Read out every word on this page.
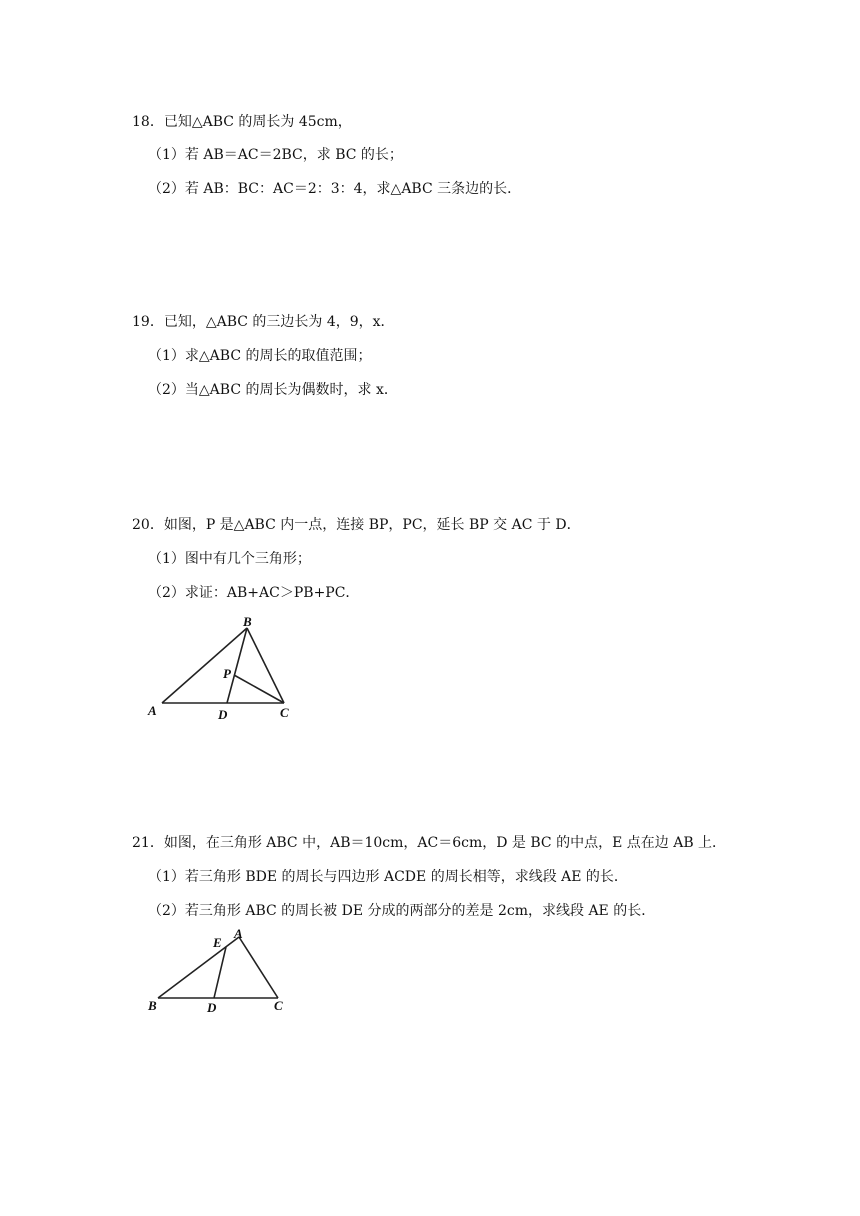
18．已知△ABC 的周长为 45cm，
（1）若 AB＝AC＝2BC，求 BC 的长；
（2）若 AB：BC：AC＝2：3：4，求△ABC 三条边的长．
19．已知，△ABC 的三边长为 4，9，x．
（1）求△ABC 的周长的取值范围；
（2）当△ABC 的周长为偶数时，求 x．
20．如图，P 是△ABC 内一点，连接 BP，PC，延长 BP 交 AC 于 D．
（1）图中有几个三角形；
（2）求证：AB+AC＞PB+PC．
B
P
A	D	C
21．如图，在三角形 ABC 中，AB＝10cm，AC＝6cm，D 是 BC 的中点，E 点在边 AB 上．
（1）若三角形 BDE 的周长与四边形 ACDE 的周长相等，求线段 AE 的长．
（2）若三角形 ABC 的周长被 DE 分成的两部分的差是 2cm，求线段 AE 的长．
A
E
B	D	C
